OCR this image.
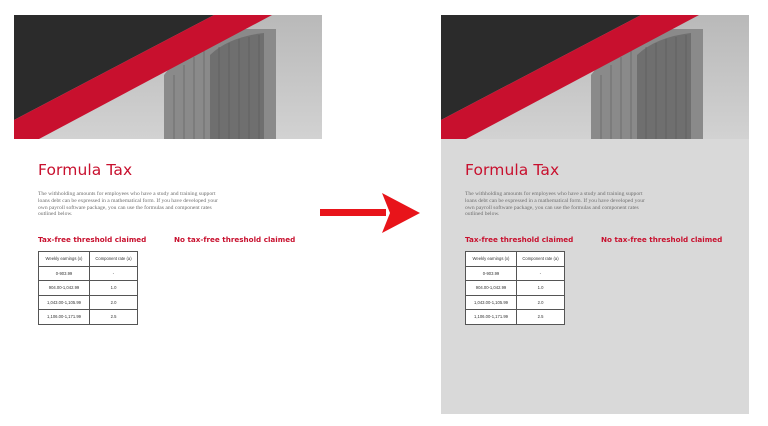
Formula Tax

The withholding amounts for employees who have a study and training support loans debt can be expressed in a mathematical form. If you have developed your own payroll software package, you can use the formulas and component rates outlined below.

Tax-free threshold claimed	No tax-free threshold claimed
Weekly earnings (x)	Component rate (a)
0-903.99	-
904.00-1,042.99	1.0
1,043.00-1,105.99	2.0
1,106.00-1,171.99	2.5
Formula Tax

The withholding amounts for employees who have a study and training support loans debt can be expressed in a mathematical form. If you have developed your own payroll software package, you can use the formulas and component rates outlined below.

Tax-free threshold claimed	No tax-free threshold claimed
Weekly earnings (x)	Component rate (a)
0-903.99	-
904.00-1,042.99	1.0
1,043.00-1,105.99	2.0
1,106.00-1,171.99	2.5
